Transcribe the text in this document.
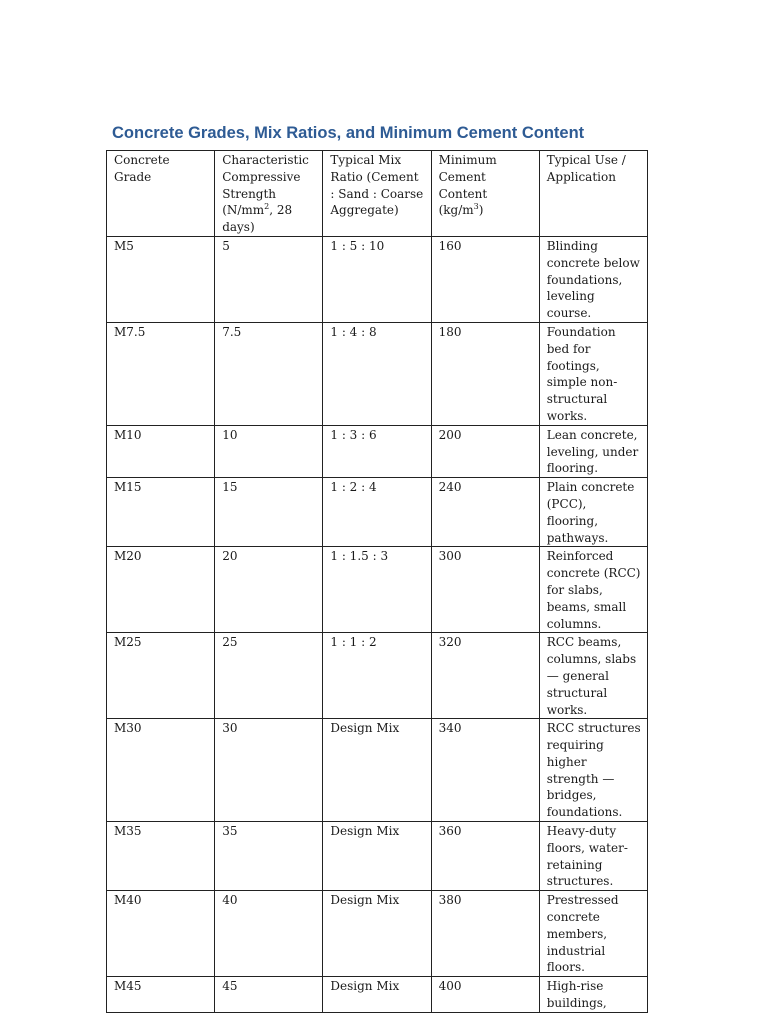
Concrete Grades, Mix Ratios, and Minimum Cement Content
Concrete Grade	Characteristic Compressive Strength ($N/mm^2$, 28 days)	Typical Mix Ratio (Cement : Sand : Coarse Aggregate)	Minimum Cement Content $(kg/m^3)$	Typical Use / Application
M5	5	1 : 5 : 10	160	Blinding concrete below foundations, leveling course.
M7.5	7.5	1 : 4 : 8	180	Foundation bed for footings, simple non-structural works.
M10	10	1 : 3 : 6	200	Lean concrete, leveling, under flooring.
M15	15	1 : 2 : 4	240	Plain concrete (PCC), flooring, pathways.
M20	20	1 : 1.5 : 3	300	Reinforced concrete (RCC) for slabs, beams, small columns.
M25	25	1 : 1 : 2	320	RCC beams, columns, slabs — general structural works.
M30	30	Design Mix	340	RCC structures requiring higher strength — bridges, foundations.
M35	35	Design Mix	360	Heavy-duty floors, water-retaining structures.
M40	40	Design Mix	380	Prestressed concrete members, industrial floors.
M45	45	Design Mix	400	High-rise buildings,
